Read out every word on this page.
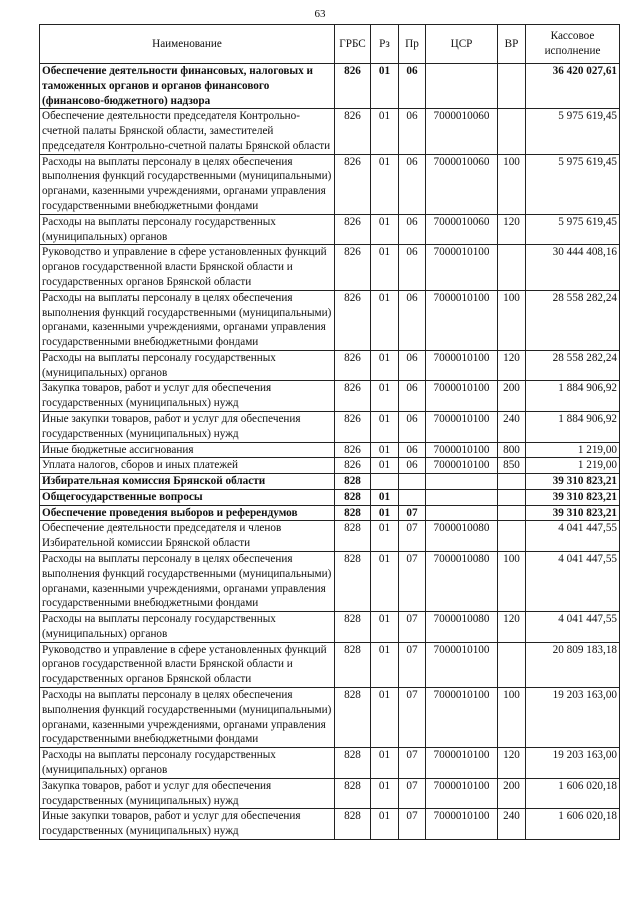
63
Наименование	ГРБС	Рз	Пр	ЦСР	ВР	Кассовое исполнение
Обеспечение деятельности финансовых, налоговых и таможенных органов и органов финансового (финансово-бюджетного) надзора	826	01	06			36 420 027,61
Обеспечение деятельности председателя Контрольно-счетной палаты Брянской области, заместителей председателя Контрольно-счетной палаты Брянской области	826	01	06	7000010060		5 975 619,45
Расходы на выплаты персоналу в целях обеспечения выполнения функций государственными (муниципальными) органами, казенными учреждениями, органами управления государственными внебюджетными фондами	826	01	06	7000010060	100	5 975 619,45
Расходы на выплаты персоналу государственных (муниципальных) органов	826	01	06	7000010060	120	5 975 619,45
Руководство и управление в сфере установленных функций органов государственной власти Брянской области и государственных органов Брянской области	826	01	06	7000010100		30 444 408,16
Расходы на выплаты персоналу в целях обеспечения выполнения функций государственными (муниципальными) органами, казенными учреждениями, органами управления государственными внебюджетными фондами	826	01	06	7000010100	100	28 558 282,24
Расходы на выплаты персоналу государственных (муниципальных) органов	826	01	06	7000010100	120	28 558 282,24
Закупка товаров, работ и услуг для обеспечения государственных (муниципальных) нужд	826	01	06	7000010100	200	1 884 906,92
Иные закупки товаров, работ и услуг для обеспечения государственных (муниципальных) нужд	826	01	06	7000010100	240	1 884 906,92
Иные бюджетные ассигнования	826	01	06	7000010100	800	1 219,00
Уплата налогов, сборов и иных платежей	826	01	06	7000010100	850	1 219,00
Избирательная комиссия Брянской области	828					39 310 823,21
Общегосударственные вопросы	828	01				39 310 823,21
Обеспечение проведения выборов и референдумов	828	01	07			39 310 823,21
Обеспечение деятельности председателя и членов Избирательной комиссии Брянской области	828	01	07	7000010080		4 041 447,55
Расходы на выплаты персоналу в целях обеспечения выполнения функций государственными (муниципальными) органами, казенными учреждениями, органами управления государственными внебюджетными фондами	828	01	07	7000010080	100	4 041 447,55
Расходы на выплаты персоналу государственных (муниципальных) органов	828	01	07	7000010080	120	4 041 447,55
Руководство и управление в сфере установленных функций органов государственной власти Брянской области и государственных органов Брянской области	828	01	07	7000010100		20 809 183,18
Расходы на выплаты персоналу в целях обеспечения выполнения функций государственными (муниципальными) органами, казенными учреждениями, органами управления государственными внебюджетными фондами	828	01	07	7000010100	100	19 203 163,00
Расходы на выплаты персоналу государственных (муниципальных) органов	828	01	07	7000010100	120	19 203 163,00
Закупка товаров, работ и услуг для обеспечения государственных (муниципальных) нужд	828	01	07	7000010100	200	1 606 020,18
Иные закупки товаров, работ и услуг для обеспечения государственных (муниципальных) нужд	828	01	07	7000010100	240	1 606 020,18
